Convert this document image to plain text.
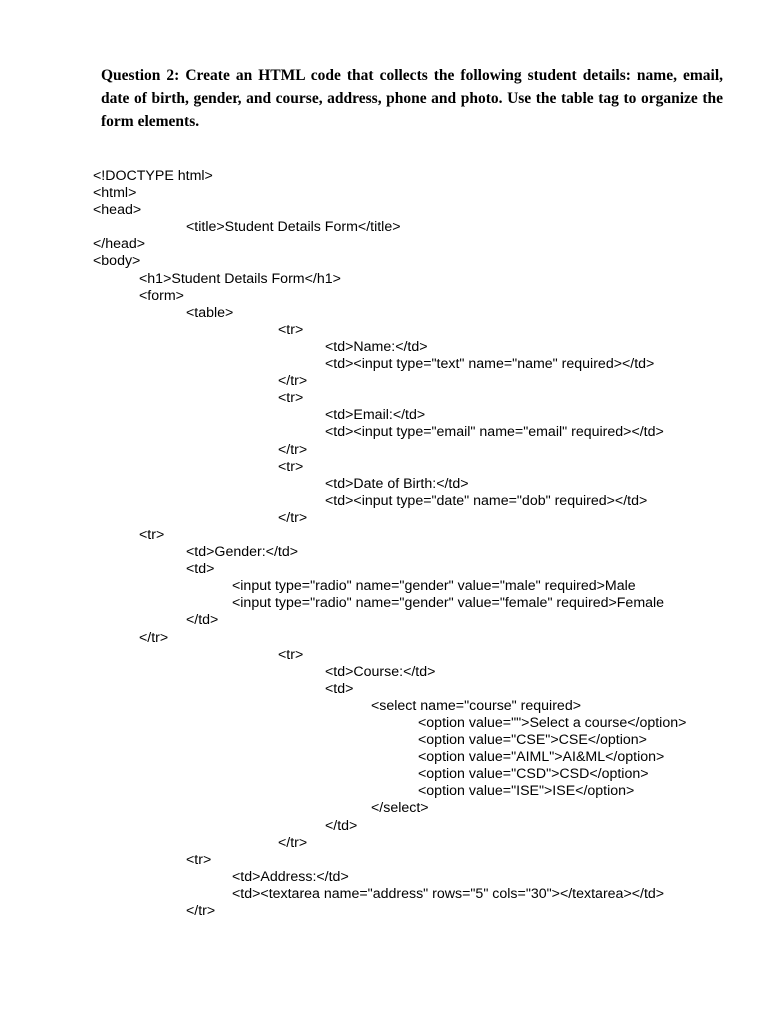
Question 2: Create an HTML code that collects the following student details: name, email, date of birth, gender, and course, address, phone and photo. Use the table tag to organize the form elements.

<!DOCTYPE html>
<html>
<head>
<title>Student Details Form</title>
</head>
<body>
<h1>Student Details Form</h1>
<form>
<table>
<tr>
<td>Name:</td>
<td><input type="text" name="name" required></td>
</tr>
<tr>
<td>Email:</td>
<td><input type="email" name="email" required></td>
</tr>
<tr>
<td>Date of Birth:</td>
<td><input type="date" name="dob" required></td>
</tr>
<tr>
<td>Gender:</td>
<td>
<input type="radio" name="gender" value="male" required>Male
<input type="radio" name="gender" value="female" required>Female
</td>
</tr>
<tr>
<td>Course:</td>
<td>
<select name="course" required>
<option value="">Select a course</option>
<option value="CSE">CSE</option>
<option value="AIML">AI&ML</option>
<option value="CSD">CSD</option>
<option value="ISE">ISE</option>
</select>
</td>
</tr>
<tr>
<td>Address:</td>
<td><textarea name="address" rows="5" cols="30"></textarea></td>
</tr>
